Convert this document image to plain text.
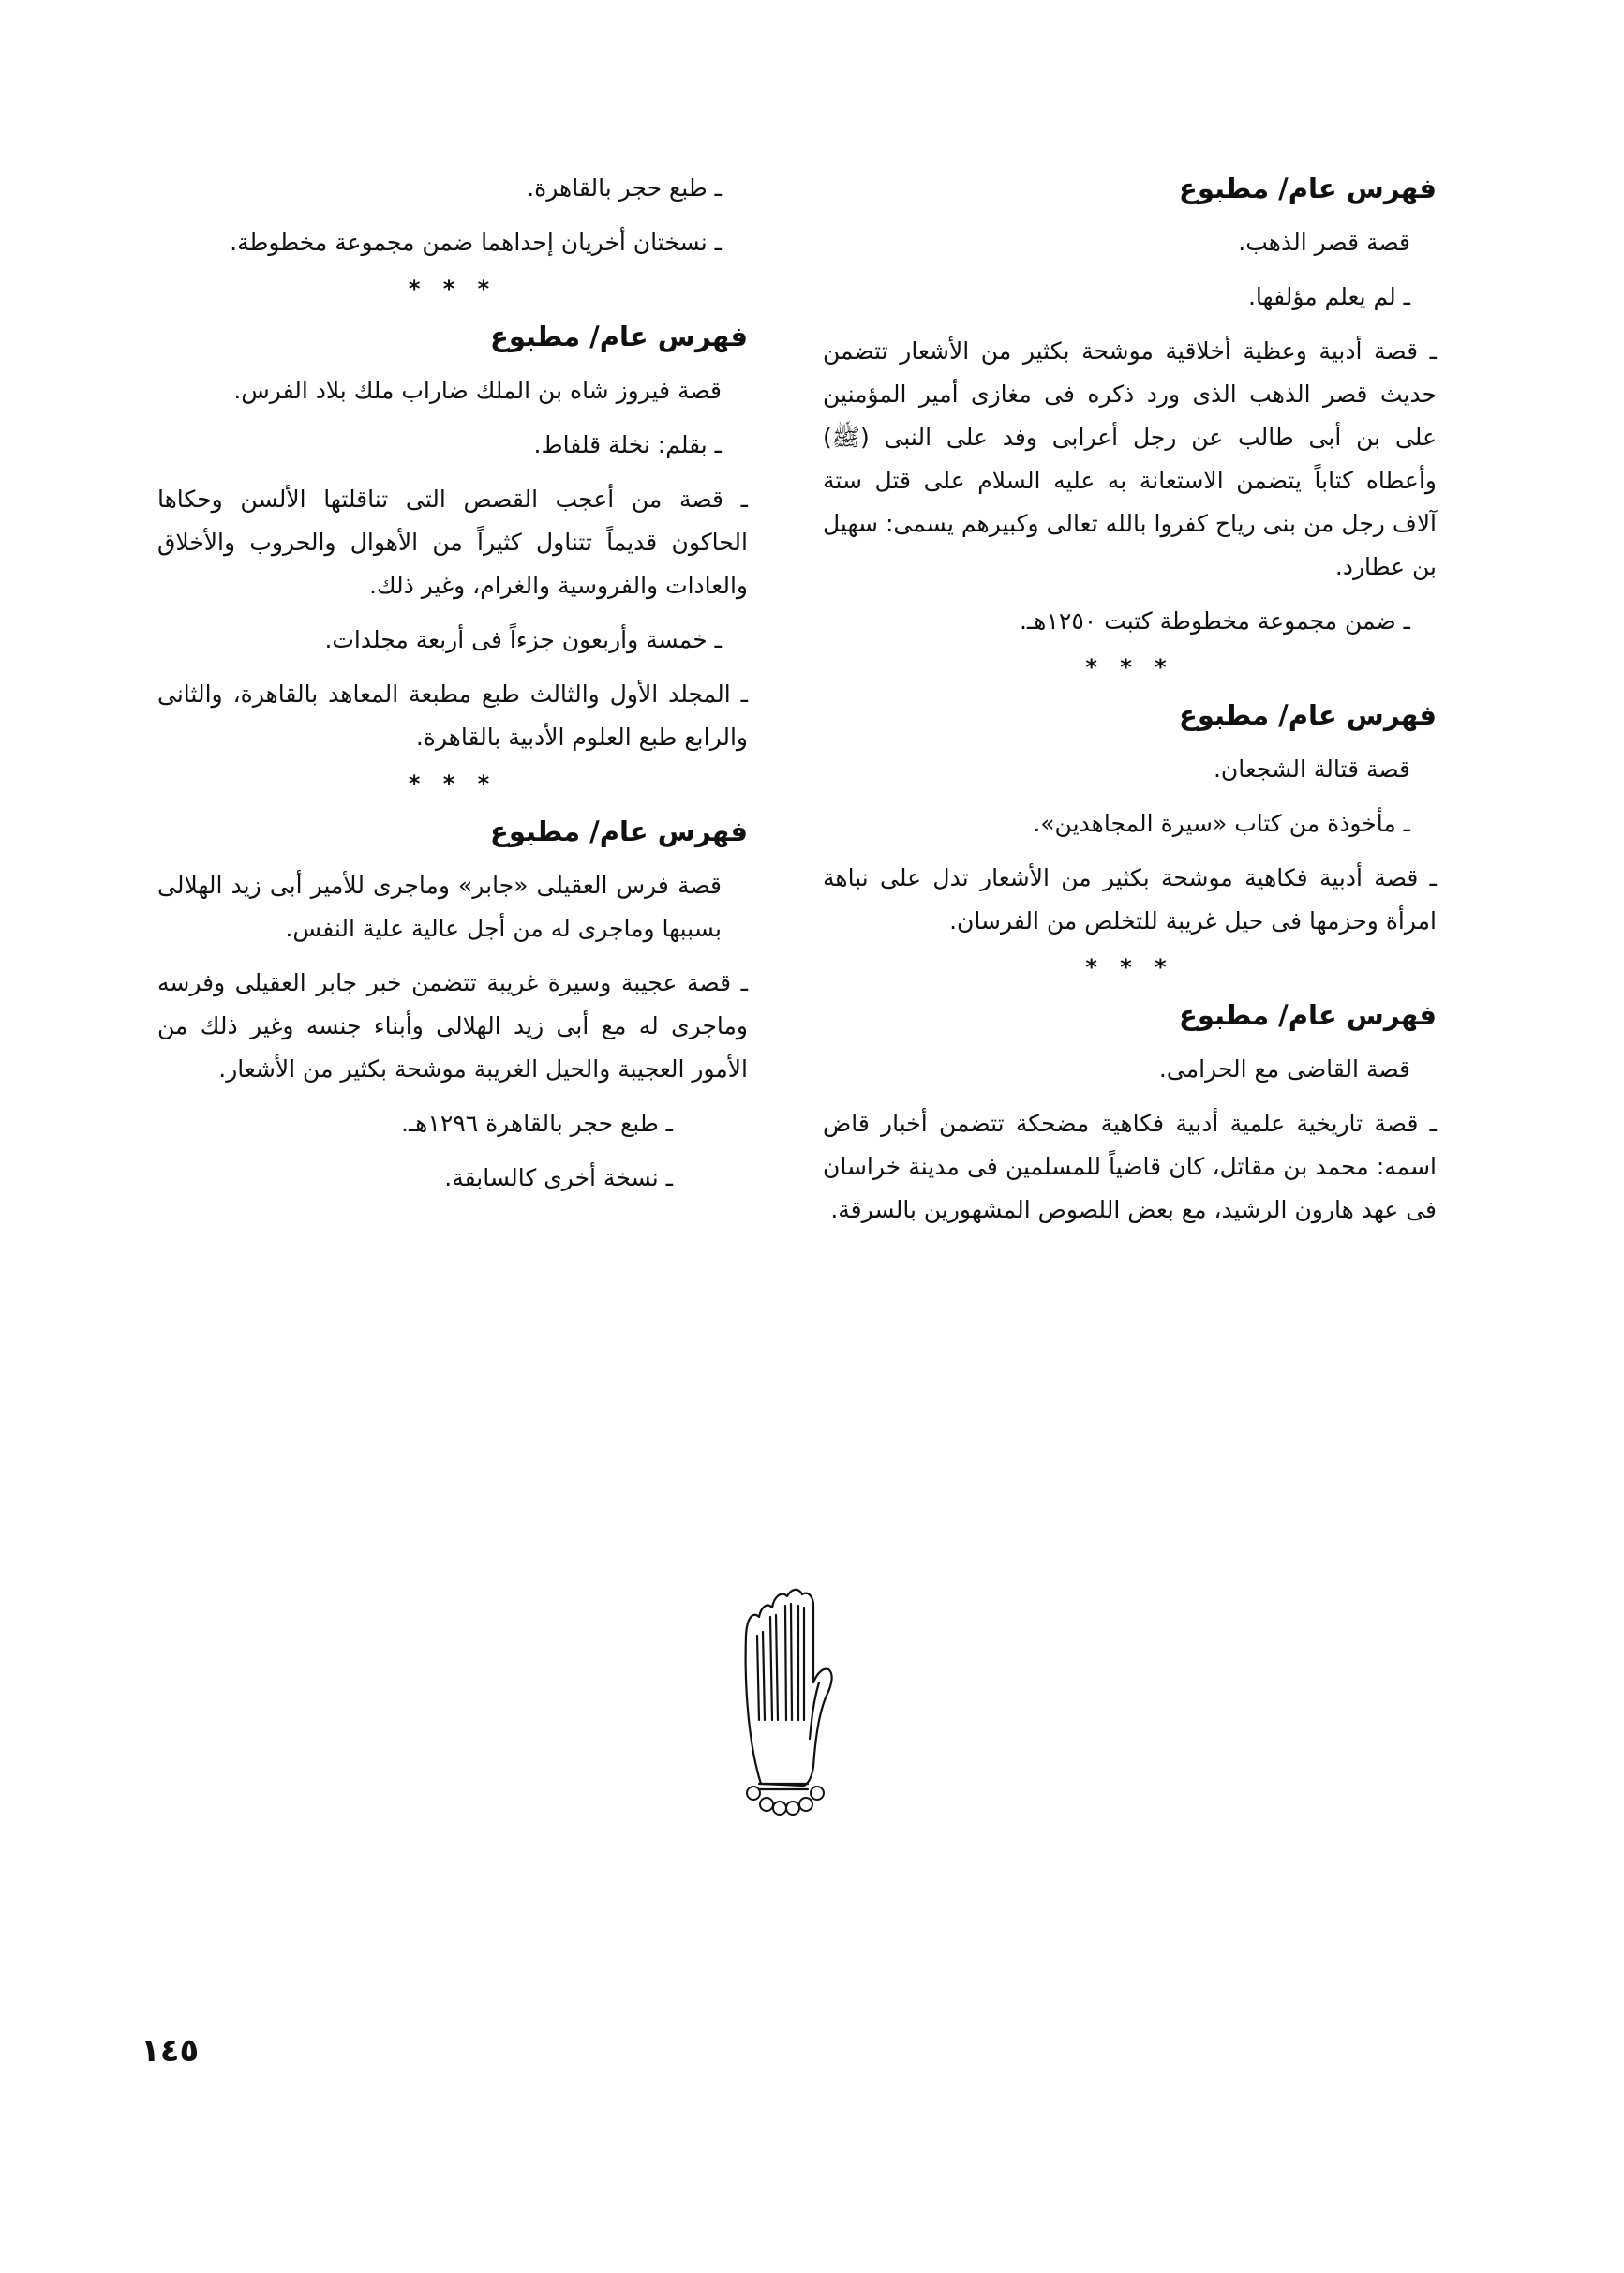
فهرس عام/ مطبوع
قصة قصر الذهب.
ـ لم يعلم مؤلفها.
ـ قصة أدبية وعظية أخلاقية موشحة بكثير من الأشعار تتضمن حديث قصر الذهب الذى ورد ذكره فى مغازى أمير المؤمنين على بن أبى طالب عن رجل أعرابى وفد على النبى (ﷺ) وأعطاه كتاباً يتضمن الاستعانة به عليه السلام على قتل ستة آلاف رجل من بنى رياح كفروا بالله تعالى وكبيرهم يسمى: سهيل بن عطارد.
ـ ضمن مجموعة مخطوطة كتبت ١٢٥٠هـ.
* * *
فهرس عام/ مطبوع
قصة قتالة الشجعان.
ـ مأخوذة من كتاب «سيرة المجاهدين».
ـ قصة أدبية فكاهية موشحة بكثير من الأشعار تدل على نباهة امرأة وحزمها فى حيل غريبة للتخلص من الفرسان.
* * *
فهرس عام/ مطبوع
قصة القاضى مع الحرامى.
ـ قصة تاريخية علمية أدبية فكاهية مضحكة تتضمن أخبار قاض اسمه: محمد بن مقاتل، كان قاضياً للمسلمين فى مدينة خراسان فى عهد هارون الرشيد، مع بعض اللصوص المشهورين بالسرقة.
ـ طبع حجر بالقاهرة.
ـ نسختان أخريان إحداهما ضمن مجموعة مخطوطة.
* * *
فهرس عام/ مطبوع
قصة فيروز شاه بن الملك ضاراب ملك بلاد الفرس.
ـ بقلم: نخلة قلفاط.
ـ قصة من أعجب القصص التى تناقلتها الألسن وحكاها الحاكون قديماً تتناول كثيراً من الأهوال والحروب والأخلاق والعادات والفروسية والغرام، وغير ذلك.
ـ خمسة وأربعون جزءاً فى أربعة مجلدات.
ـ المجلد الأول والثالث طبع مطبعة المعاهد بالقاهرة، والثانى والرابع طبع العلوم الأدبية بالقاهرة.
* * *
فهرس عام/ مطبوع
قصة فرس العقيلى «جابر» وماجرى للأمير أبى زيد الهلالى بسببها وماجرى له من أجل عالية علية النفس.
ـ قصة عجيبة وسيرة غريبة تتضمن خبر جابر العقيلى وفرسه وماجرى له مع أبى زيد الهلالى وأبناء جنسه وغير ذلك من الأمور العجيبة والحيل الغريبة موشحة بكثير من الأشعار.
ـ طبع حجر بالقاهرة ١٢٩٦هـ.
ـ نسخة أخرى كالسابقة.
١٤٥
